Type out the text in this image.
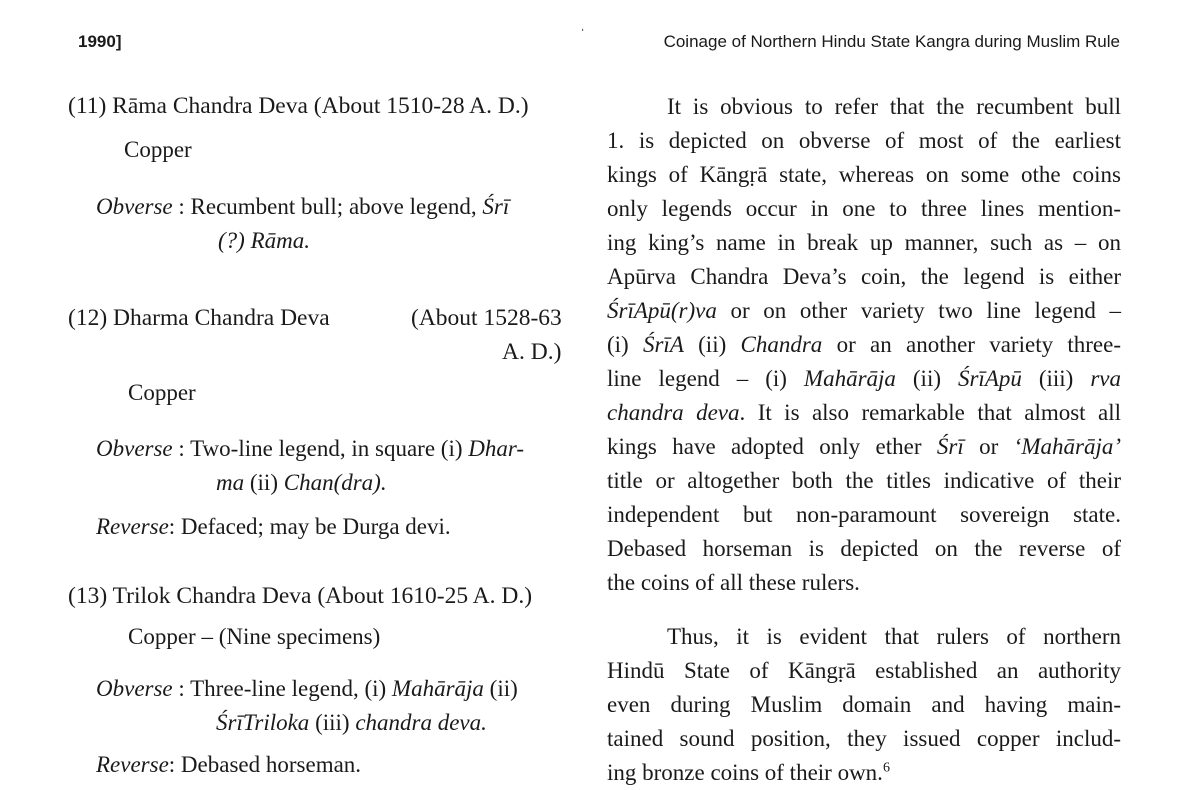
1990]	ˈ	Coinage of Northern Hindu State Kangra during Muslim Rule
(11) Rāma Chandra Deva (About 1510-28 A. D.)
Copper
Obverse : Recumbent bull; above legend, Śrī
(?) Rāma.
(12) Dharma Chandra Deva	(About 1528-63
A. D.)
Copper
Obverse : Two-line legend, in square (i) Dhar-
ma (ii) Chan(dra).
Reverse: Defaced; may be Durga devi.
(13) Trilok Chandra Deva (About 1610-25 A. D.)
Copper – (Nine specimens)
Obverse : Three-line legend, (i) Mahārāja (ii)
ŚrīTriloka (iii) chandra deva.
Reverse: Debased horseman.
It is obvious to refer that the recumbent bull
1. is depicted on obverse of most of the earliest
kings of Kāngṛā state, whereas on some othe coins
only legends occur in one to three lines mention-
ing king’s name in break up manner, such as – on
Apūrva Chandra Deva’s coin, the legend is either
ŚrīApū(r)va or on other variety two line legend –
(i) ŚrīA (ii) Chandra or an another variety three-
line legend – (i) Mahārāja (ii) ŚrīApū (iii) rva
chandra deva. It is also remarkable that almost all
kings have adopted only ether Śrī or ‘Mahārāja’
title or altogether both the titles indicative of their
independent but non-paramount sovereign state.
Debased horseman is depicted on the reverse of
the coins of all these rulers.
Thus, it is evident that rulers of northern
Hindū State of Kāngṛā established an authority
even during Muslim domain and having main-
tained sound position, they issued copper includ-
ing bronze coins of their own.$^6$
